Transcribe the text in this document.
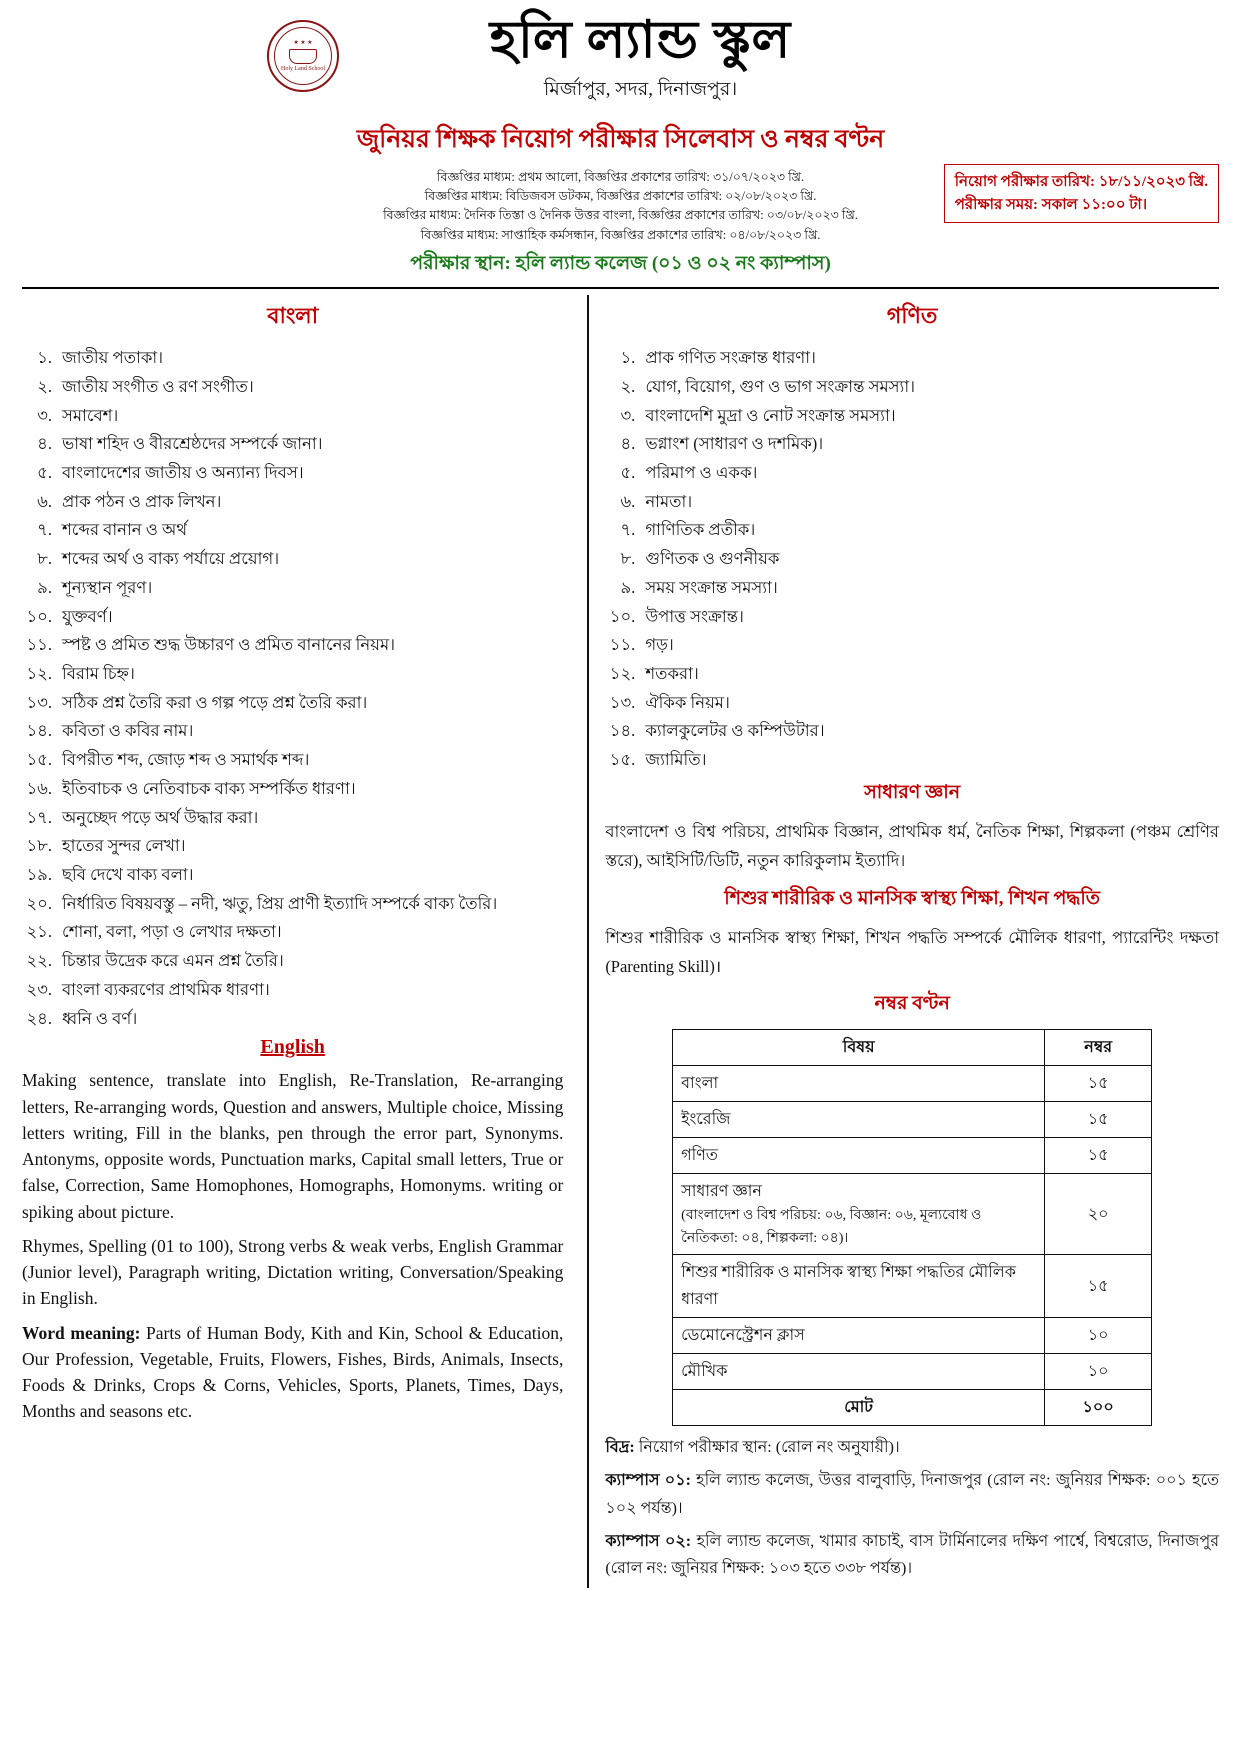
★ ★ ★
Holy Land School	হলি ল্যান্ড স্কুল
মির্জাপুর, সদর, দিনাজপুর।
জুনিয়র শিক্ষক নিয়োগ পরীক্ষার সিলেবাস ও নম্বর বণ্টন
বিজ্ঞপ্তির মাধ্যম: প্রথম আলো, বিজ্ঞপ্তির প্রকাশের তারিখ: ৩১/০৭/২০২৩ খ্রি.
বিজ্ঞপ্তির মাধ্যম: বিডিজবস ডটকম, বিজ্ঞপ্তির প্রকাশের তারিখ: ০২/০৮/২০২৩ খ্রি.
বিজ্ঞপ্তির মাধ্যম: দৈনিক তিস্তা ও দৈনিক উত্তর বাংলা, বিজ্ঞপ্তির প্রকাশের তারিখ: ০৩/০৮/২০২৩ খ্রি.
বিজ্ঞপ্তির মাধ্যম: সাপ্তাহিক কর্মসন্ধান, বিজ্ঞপ্তির প্রকাশের তারিখ: ০৪/০৮/২০২৩ খ্রি.
নিয়োগ পরীক্ষার তারিখ: ১৮/১১/২০২৩ খ্রি.
পরীক্ষার সময়: সকাল ১১:০০ টা।
পরীক্ষার স্থান: হলি ল্যান্ড কলেজ (০১ ও ০২ নং ক্যাম্পাস)
বাংলা
১. জাতীয় পতাকা।
২. জাতীয় সংগীত ও রণ সংগীত।
৩. সমাবেশ।
৪. ভাষা শহিদ ও বীরশ্রেষ্ঠদের সম্পর্কে জানা।
৫. বাংলাদেশের জাতীয় ও অন্যান্য দিবস।
৬. প্রাক পঠন ও প্রাক লিখন।
৭. শব্দের বানান ও অর্থ
৮. শব্দের অর্থ ও বাক্য পর্যায়ে প্রয়োগ।
৯. শূন্যস্থান পূরণ।
১০. যুক্তবর্ণ।
১১. স্পষ্ট ও প্রমিত শুদ্ধ উচ্চারণ ও প্রমিত বানানের নিয়ম।
১২. বিরাম চিহ্ন।
১৩. সঠিক প্রশ্ন তৈরি করা ও গল্প পড়ে প্রশ্ন তৈরি করা।
১৪. কবিতা ও কবির নাম।
১৫. বিপরীত শব্দ, জোড় শব্দ ও সমার্থক শব্দ।
১৬. ইতিবাচক ও নেতিবাচক বাক্য সম্পর্কিত ধারণা।
১৭. অনুচ্ছেদ পড়ে অর্থ উদ্ধার করা।
১৮. হাতের সুন্দর লেখা।
১৯. ছবি দেখে বাক্য বলা।
২০. নির্ধারিত বিষয়বস্তু – নদী, ঋতু, প্রিয় প্রাণী ইত্যাদি সম্পর্কে বাক্য তৈরি।
২১. শোনা, বলা, পড়া ও লেখার দক্ষতা।
২২. চিন্তার উদ্রেক করে এমন প্রশ্ন তৈরি।
২৩. বাংলা ব্যকরণের প্রাথমিক ধারণা।
২৪. ধ্বনি ও বর্ণ।
English
Making sentence, translate into English, Re-Translation, Re-arranging letters, Re-arranging words, Question and answers, Multiple choice, Missing letters writing, Fill in the blanks, pen through the error part, Synonyms. Antonyms, opposite words, Punctuation marks, Capital small letters, True or false, Correction, Same Homophones, Homographs, Homonyms. writing or spiking about picture.
Rhymes, Spelling (01 to 100), Strong verbs & weak verbs, English Grammar (Junior level), Paragraph writing, Dictation writing, Conversation/Speaking in English.
Word meaning: Parts of Human Body, Kith and Kin, School & Education, Our Profession, Vegetable, Fruits, Flowers, Fishes, Birds, Animals, Insects, Foods & Drinks, Crops & Corns, Vehicles, Sports, Planets, Times, Days, Months and seasons etc.
গণিত
১. প্রাক গণিত সংক্রান্ত ধারণা।
২. যোগ, বিয়োগ, গুণ ও ভাগ সংক্রান্ত সমস্যা।
৩. বাংলাদেশি মুদ্রা ও নোট সংক্রান্ত সমস্যা।
৪. ভগ্নাংশ (সাধারণ ও দশমিক)।
৫. পরিমাপ ও একক।
৬. নামতা।
৭. গাণিতিক প্রতীক।
৮. গুণিতক ও গুণনীয়ক
৯. সময় সংক্রান্ত সমস্যা।
১০. উপাত্ত সংক্রান্ত।
১১. গড়।
১২. শতকরা।
১৩. ঐকিক নিয়ম।
১৪. ক্যালকুলেটর ও কম্পিউটার।
১৫. জ্যামিতি।
সাধারণ জ্ঞান
বাংলাদেশ ও বিশ্ব পরিচয়, প্রাথমিক বিজ্ঞান, প্রাথমিক ধর্ম, নৈতিক শিক্ষা, শিল্পকলা (পঞ্চম শ্রেণির স্তরে), আইসিটি/ডিটি, নতুন কারিকুলাম ইত্যাদি।
শিশুর শারীরিক ও মানসিক স্বাস্থ্য শিক্ষা, শিখন পদ্ধতি
শিশুর শারীরিক ও মানসিক স্বাস্থ্য শিক্ষা, শিখন পদ্ধতি সম্পর্কে মৌলিক ধারণা, প্যারেন্টিং দক্ষতা (Parenting Skill)।
নম্বর বণ্টন
বিষয়	নম্বর
বাংলা	১৫
ইংরেজি	১৫
গণিত	১৫

সাধারণ জ্ঞান
(বাংলাদেশ ও বিশ্ব পরিচয়: ০৬, বিজ্ঞান: ০৬, মূল্যবোধ ও নৈতিকতা: ০৪, শিল্পকলা: ০৪)।	২০
শিশুর শারীরিক ও মানসিক স্বাস্থ্য শিক্ষা পদ্ধতির মৌলিক ধারণা	১৫
ডেমোনেস্ট্রেশন ক্লাস	১০
মৌখিক	১০
মোট	১০০

বিদ্র: নিয়োগ পরীক্ষার স্থান: (রোল নং অনুযায়ী)।

ক্যাম্পাস ০১: হলি ল্যান্ড কলেজ, উত্তর বালুবাড়ি, দিনাজপুর (রোল নং: জুনিয়র শিক্ষক: ০০১ হতে ১০২ পর্যন্ত)।

ক্যাম্পাস ০২: হলি ল্যান্ড কলেজ, খামার কাচাই, বাস টার্মিনালের দক্ষিণ পার্শ্বে, বিশ্বরোড, দিনাজপুর (রোল নং: জুনিয়র শিক্ষক: ১০৩ হতে ৩৩৮ পর্যন্ত)।
